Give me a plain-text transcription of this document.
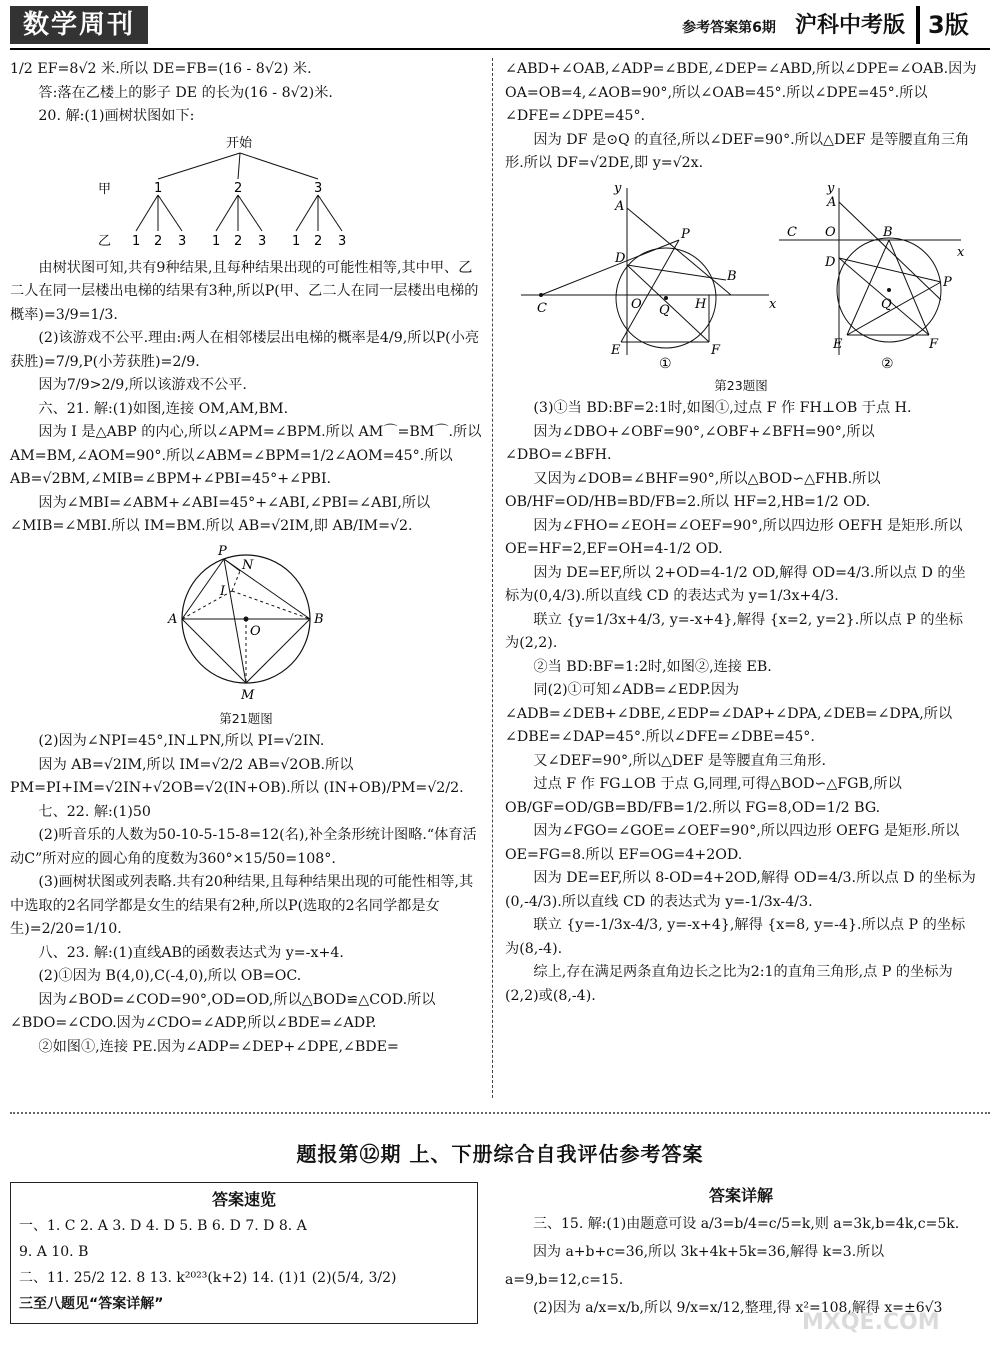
数学周刊	参考答案第6期 沪科中考版 3版

1/2 EF=8√2 米.所以 DE=FB=(16 - 8√2) 米.

答:落在乙楼上的影子 DE 的长为(16 - 8√2)米.

20. 解:(1)画树状图如下:

开始
甲
乙
1	2	3
1 2 3 1 2 3 1 2 3

由树状图可知,共有9种结果,且每种结果出现的可能性相等,其中甲、乙二人在同一层楼出电梯的结果有3种,所以P(甲、乙二人在同一层楼出电梯的概率)=3/9=1/3.

(2)该游戏不公平.理由:两人在相邻楼层出电梯的概率是4/9,所以P(小亮获胜)=7/9,P(小芳获胜)=2/9.

因为7/9>2/9,所以该游戏不公平.

六、21. 解:(1)如图,连接 OM,AM,BM.

因为 I 是△ABP 的内心,所以∠APM=∠BPM.所以 AM⌒=BM⌒.所以 AM=BM,∠AOM=90°.所以∠ABM=∠BPM=1/2∠AOM=45°.所以 AB=√2BM,∠MIB=∠BPM+∠PBI=45°+∠PBI.

因为∠MBI=∠ABM+∠ABI=45°+∠ABI,∠PBI=∠ABI,所以∠MIB=∠MBI.所以 IM=BM.所以 AB=√2IM,即 AB/IM=√2.

P
N
I
A
O
B
M

第21题图

(2)因为∠NPI=45°,IN⊥PN,所以 PI=√2IN.

因为 AB=√2IM,所以 IM=√2/2 AB=√2OB.所以 PM=PI+IM=√2IN+√2OB=√2(IN+OB).所以 (IN+OB)/PM=√2/2.

七、22. 解:(1)50

(2)听音乐的人数为50-10-5-15-8=12(名),补全条形统计图略.“体育活动C”所对应的圆心角的度数为360°×15/50=108°.

(3)画树状图或列表略.共有20种结果,且每种结果出现的可能性相等,其中选取的2名同学都是女生的结果有2种,所以P(选取的2名同学都是女生)=2/20=1/10.

八、23. 解:(1)直线AB的函数表达式为 y=-x+4.

(2)①因为 B(4,0),C(-4,0),所以 OB=OC.

因为∠BOD=∠COD=90°,OD=OD,所以△BOD≌△COD.所以∠BDO=∠CDO.因为∠CDO=∠ADP,所以∠BDE=∠ADP.

②如图①,连接 PE.因为∠ADP=∠DEP+∠DPE,∠BDE=

∠ABD+∠OAB,∠ADP=∠BDE,∠DEP=∠ABD,所以∠DPE=∠OAB.因为 OA=OB=4,∠AOB=90°,所以∠OAB=45°.所以∠DPE=45°.所以∠DFE=∠DPE=45°.

因为 DF 是⊙Q 的直径,所以∠DEF=90°.所以△DEF 是等腰直角三角形.所以 DF=√2DE,即 y=√2x.

y
A
P
D
C	O Q H
B
x
E	F
y
A
C O	B
x
D
P
Q
E	F
①	②

第23题图

(3)①当 BD:BF=2:1时,如图①,过点 F 作 FH⊥OB 于点 H.

因为∠DBO+∠OBF=90°,∠OBF+∠BFH=90°,所以∠DBO=∠BFH.

又因为∠DOB=∠BHF=90°,所以△BOD∽△FHB.所以 OB/HF=OD/HB=BD/FB=2.所以 HF=2,HB=1/2 OD.

因为∠FHO=∠EOH=∠OEF=90°,所以四边形 OEFH 是矩形.所以 OE=HF=2,EF=OH=4-1/2 OD.

因为 DE=EF,所以 2+OD=4-1/2 OD,解得 OD=4/3.所以点 D 的坐标为(0,4/3).所以直线 CD 的表达式为 y=1/3x+4/3.

联立 {y=1/3x+4/3, y=-x+4},解得 {x=2, y=2}.所以点 P 的坐标为(2,2).

②当 BD:BF=1:2时,如图②,连接 EB.

同(2)①可知∠ADB=∠EDP.因为∠ADB=∠DEB+∠DBE,∠EDP=∠DAP+∠DPA,∠DEB=∠DPA,所以∠DBE=∠DAP=45°.所以∠DFE=∠DBE=45°.

又∠DEF=90°,所以△DEF 是等腰直角三角形.

过点 F 作 FG⊥OB 于点 G,同理,可得△BOD∽△FGB,所以 OB/GF=OD/GB=BD/FB=1/2.所以 FG=8,OD=1/2 BG.

因为∠FGO=∠GOE=∠OEF=90°,所以四边形 OEFG 是矩形.所以 OE=FG=8.所以 EF=OG=4+2OD.

因为 DE=EF,所以 8-OD=4+2OD,解得 OD=4/3.所以点 D 的坐标为(0,-4/3).所以直线 CD 的表达式为 y=-1/3x-4/3.

联立 {y=-1/3x-4/3, y=-x+4},解得 {x=8, y=-4}.所以点 P 的坐标为(8,-4).

综上,存在满足两条直角边长之比为2:1的直角三角形,点 P 的坐标为(2,2)或(8,-4).

题报第⑫期 上、下册综合自我评估参考答案
答案速览
一、1. C 2. A 3. D 4. D 5. B 6. D 7. D 8. A
9. A 10. B
二、11. 25/2 12. 8 13. k²⁰²³(k+2) 14. (1)1 (2)(5/4, 3/2)
三至八题见“答案详解”
答案详解

三、15. 解:(1)由题意可设 a/3=b/4=c/5=k,则 a=3k,b=4k,c=5k.

因为 a+b+c=36,所以 3k+4k+5k=36,解得 k=3.所以 a=9,b=12,c=15.

(2)因为 a/x=x/b,所以 9/x=x/12,整理,得 x²=108,解得 x=±6√3

MXQE.COM
